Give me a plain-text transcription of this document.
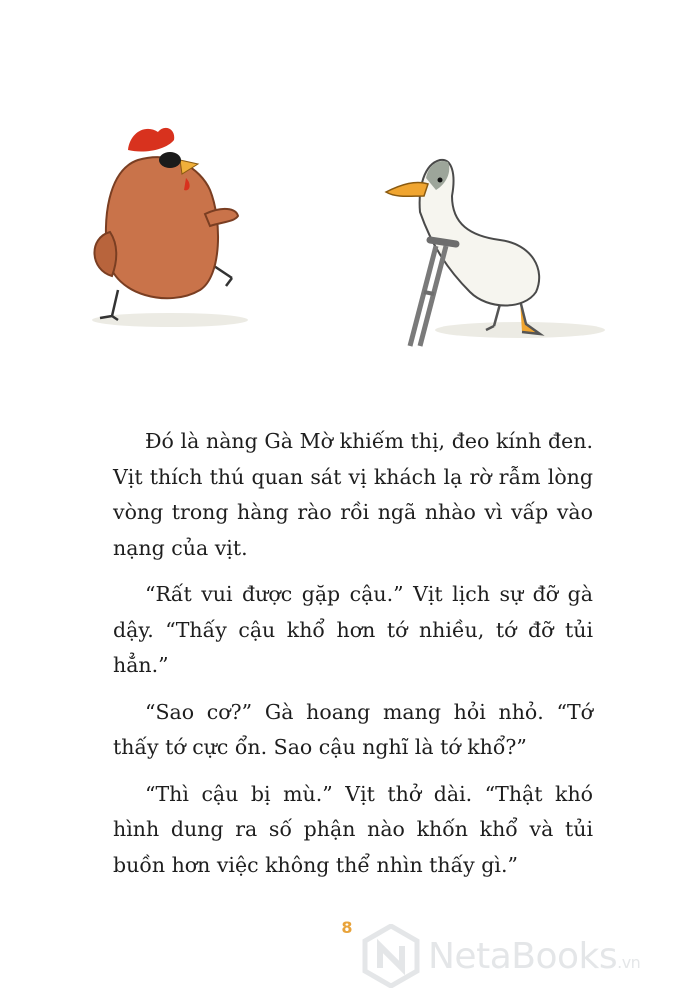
Đó là nàng Gà Mờ khiếm thị, đeo kính đen. Vịt thích thú quan sát vị khách lạ rờ rẫm lòng vòng trong hàng rào rồi ngã nhào vì vấp vào nạng của vịt.

“Rất vui được gặp cậu.” Vịt lịch sự đỡ gà dậy. “Thấy cậu khổ hơn tớ nhiều, tớ đỡ tủi hẳn.”

“Sao cơ?” Gà hoang mang hỏi nhỏ. “Tớ thấy tớ cực ổn. Sao cậu nghĩ là tớ khổ?”

“Thì cậu bị mù.” Vịt thở dài. “Thật khó hình dung ra số phận nào khốn khổ và tủi buồn hơn việc không thể nhìn thấy gì.”

8
NetaBooks.vn
